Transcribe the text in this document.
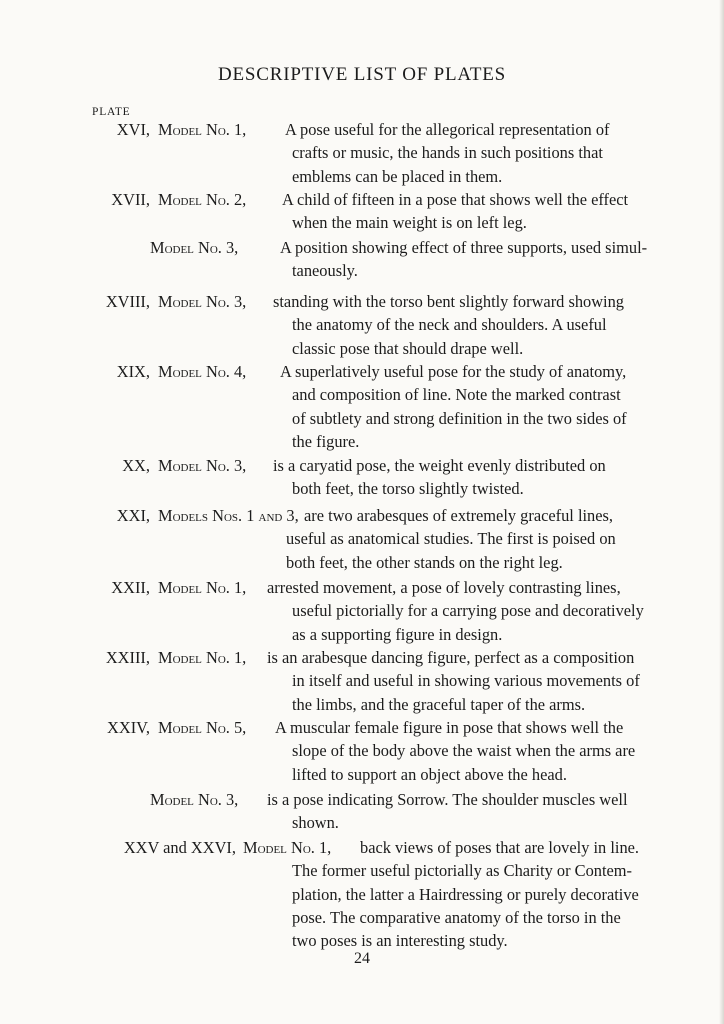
DESCRIPTIVE LIST OF PLATES
PLATE
XVI, Model No. 1, A pose useful for the allegorical representation of
crafts or music, the hands in such positions that
emblems can be placed in them.
XVII, Model No. 2, A child of fifteen in a pose that shows well the effect
when the main weight is on left leg.
Model No. 3,	A position showing effect of three supports, used simul-
taneously.
XVIII, Model No. 3, standing with the torso bent slightly forward showing
the anatomy of the neck and shoulders. A useful
classic pose that should drape well.
XIX, Model No. 4, A superlatively useful pose for the study of anatomy,
and composition of line. Note the marked contrast
of subtlety and strong definition in the two sides of
the figure.
XX, Model No. 3, is a caryatid pose, the weight evenly distributed on
both feet, the torso slightly twisted.
XXI, Models Nos. 1 and 3, are two arabesques of extremely graceful lines,
useful as anatomical studies. The first is poised on
both feet, the other stands on the right leg.
XXII, Model No. 1, arrested movement, a pose of lovely contrasting lines,
useful pictorially for a carrying pose and decoratively
as a supporting figure in design.
XXIII, Model No. 1, is an arabesque dancing figure, perfect as a composition
in itself and useful in showing various movements of
the limbs, and the graceful taper of the arms.
XXIV, Model No. 5, A muscular female figure in pose that shows well the
slope of the body above the waist when the arms are
lifted to support an object above the head.
Model No. 3, is a pose indicating Sorrow. The shoulder muscles well
shown.
XXV and XXVI, Model No. 1, back views of poses that are lovely in line.
The former useful pictorially as Charity or Contem-
plation, the latter a Hairdressing or purely decorative
pose. The comparative anatomy of the torso in the
two poses is an interesting study.
24
